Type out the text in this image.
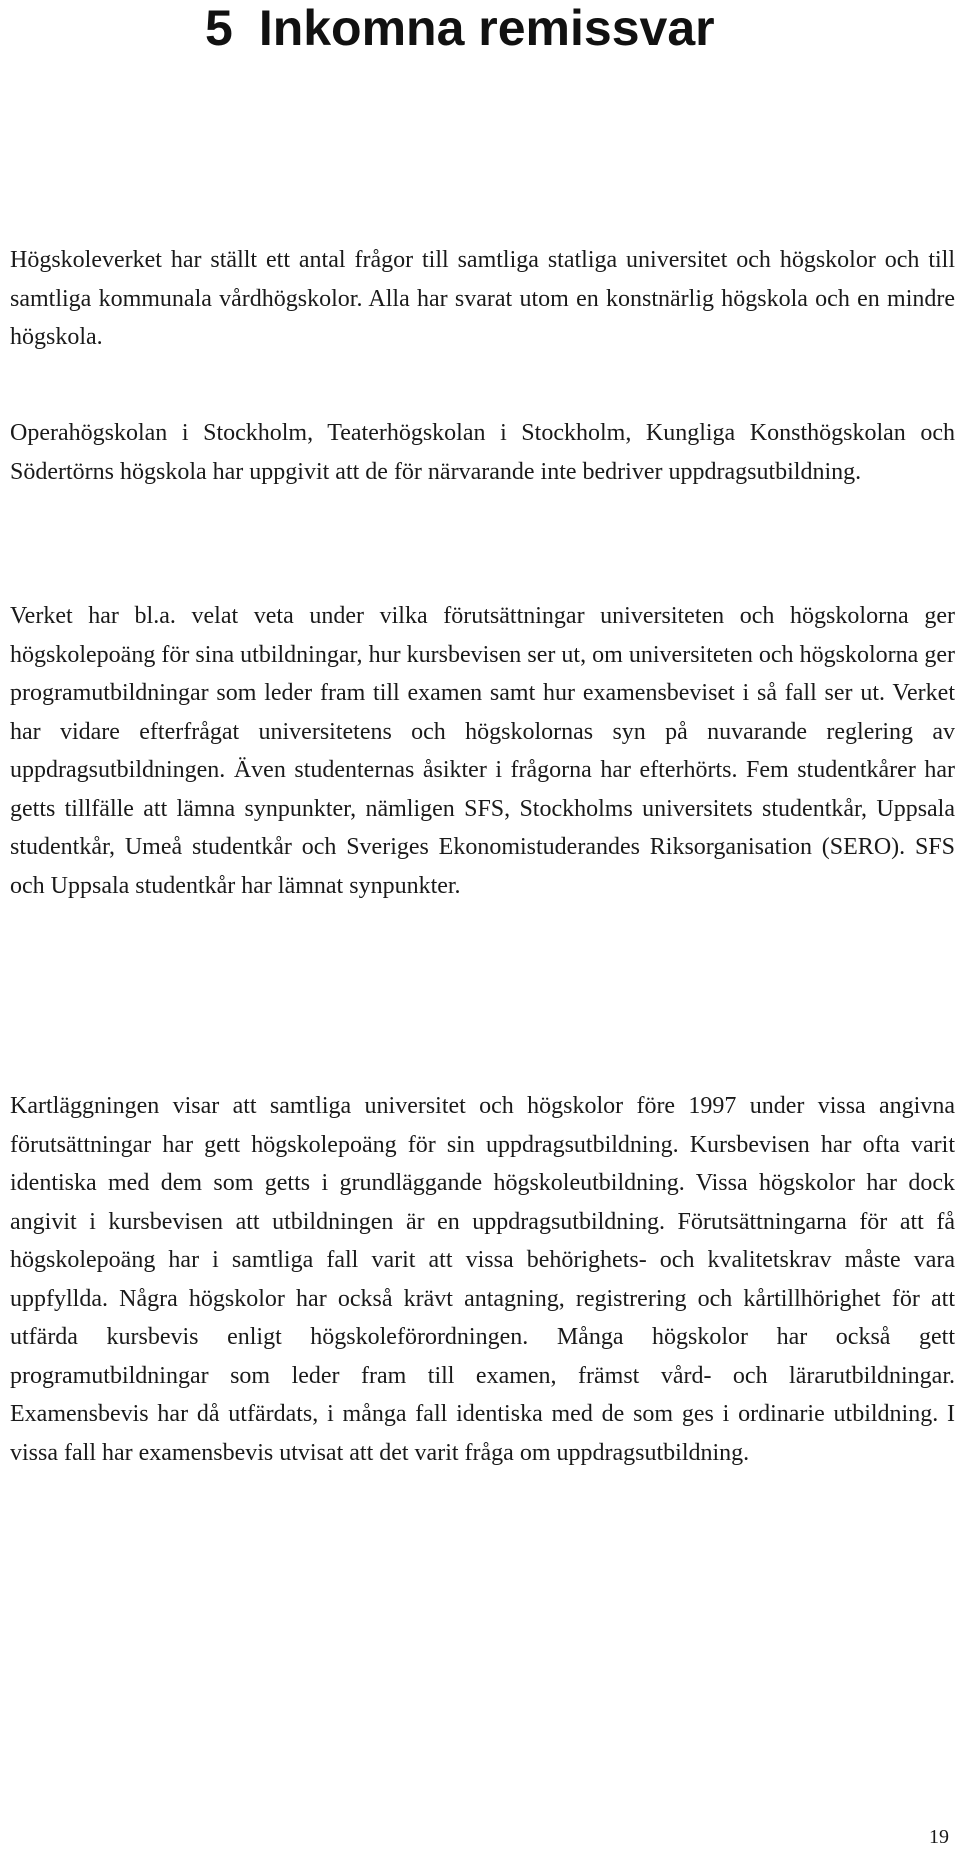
5 Inkomna remissvar

Högskoleverket har ställt ett antal frågor till samtliga statliga universitet och högskolor och till samtliga kommunala vårdhögskolor. Alla har svarat utom en konstnärlig högskola och en mindre högskola.

Operahögskolan i Stockholm, Teaterhögskolan i Stockholm, Kungliga Konsthögskolan och Södertörns högskola har uppgivit att de för närvarande inte bedriver uppdragsutbildning.

Verket har bl.a. velat veta under vilka förutsättningar universiteten och högskolorna ger högskolepoäng för sina utbildningar, hur kursbevisen ser ut, om universiteten och högskolorna ger programutbildningar som leder fram till examen samt hur examensbeviset i så fall ser ut. Verket har vidare efterfrågat universitetens och högskolornas syn på nuvarande reglering av uppdragsutbildningen. Även studenternas åsikter i frågorna har efterhörts. Fem studentkårer har getts tillfälle att lämna synpunkter, nämligen SFS, Stockholms universitets studentkår, Uppsala studentkår, Umeå studentkår och Sveriges Ekonomistuderandes Riksorganisation (SERO). SFS och Uppsala studentkår har lämnat synpunkter.

Kartläggningen visar att samtliga universitet och högskolor före 1997 under vissa angivna förutsättningar har gett högskolepoäng för sin uppdragsutbildning. Kursbevisen har ofta varit identiska med dem som getts i grundläggande högskoleutbildning. Vissa högskolor har dock angivit i kursbevisen att utbildningen är en uppdragsutbildning. Förutsättningarna för att få högskolepoäng har i samtliga fall varit att vissa behörighets- och kvalitetskrav måste vara uppfyllda. Några högskolor har också krävt antagning, registrering och kårtillhörighet för att utfärda kursbevis enligt högskoleförordningen. Många högskolor har också gett programutbildningar som leder fram till examen, främst vård- och lärarutbildningar. Examensbevis har då utfärdats, i många fall identiska med de som ges i ordinarie utbildning. I vissa fall har examensbevis utvisat att det varit fråga om uppdragsutbildning.

19
